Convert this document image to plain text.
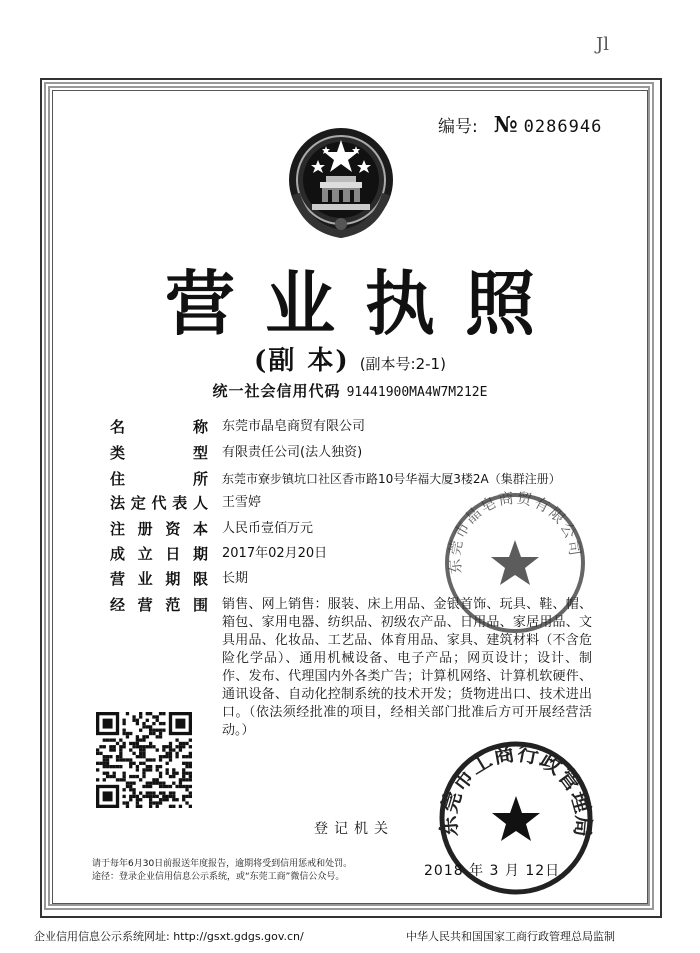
Jl
编号: № 0286946
营业执照
(副 本) (副本号:2-1)
统一社会信用代码 91441900MA4W7M212E
名	称 东莞市晶皂商贸有限公司
类	型 有限责任公司(法人独资)
住	所 东莞市寮步镇坑口社区香市路10号华福大厦3楼2A（集群注册）
法 定 代 表 人 王雪婷
注 册 资 本 人民币壹佰万元
成 立 日 期 2017年02月20日
营 业 期 限 长期
经 营 范 围 销售、网上销售：服装、床上用品、金银首饰、玩具、鞋、帽、箱包、家用电器、纺织品、初级农产品、日用品、家居用品、文具用品、化妆品、工艺品、体育用品、家具、建筑材料（不含危险化学品）、通用机械设备、电子产品；网页设计；设计、制作、发布、代理国内外各类广告；计算机网络、计算机软硬件、通讯设备、自动化控制系统的技术开发；货物进出口、技术进出口。（依法须经批准的项目，经相关部门批准后方可开展经营活动。）
东莞市晶皂商贸有限公司
东莞市工商行政管理局
登记机关
请于每年6月30日前报送年度报告，逾期将受到信用惩戒和处罚。
途径：登录企业信用信息公示系统，或“东莞工商”微信公众号。	2018 年 3 月 12日
企业信用信息公示系统网址: http://gsxt.gdgs.gov.cn/	中华人民共和国国家工商行政管理总局监制
